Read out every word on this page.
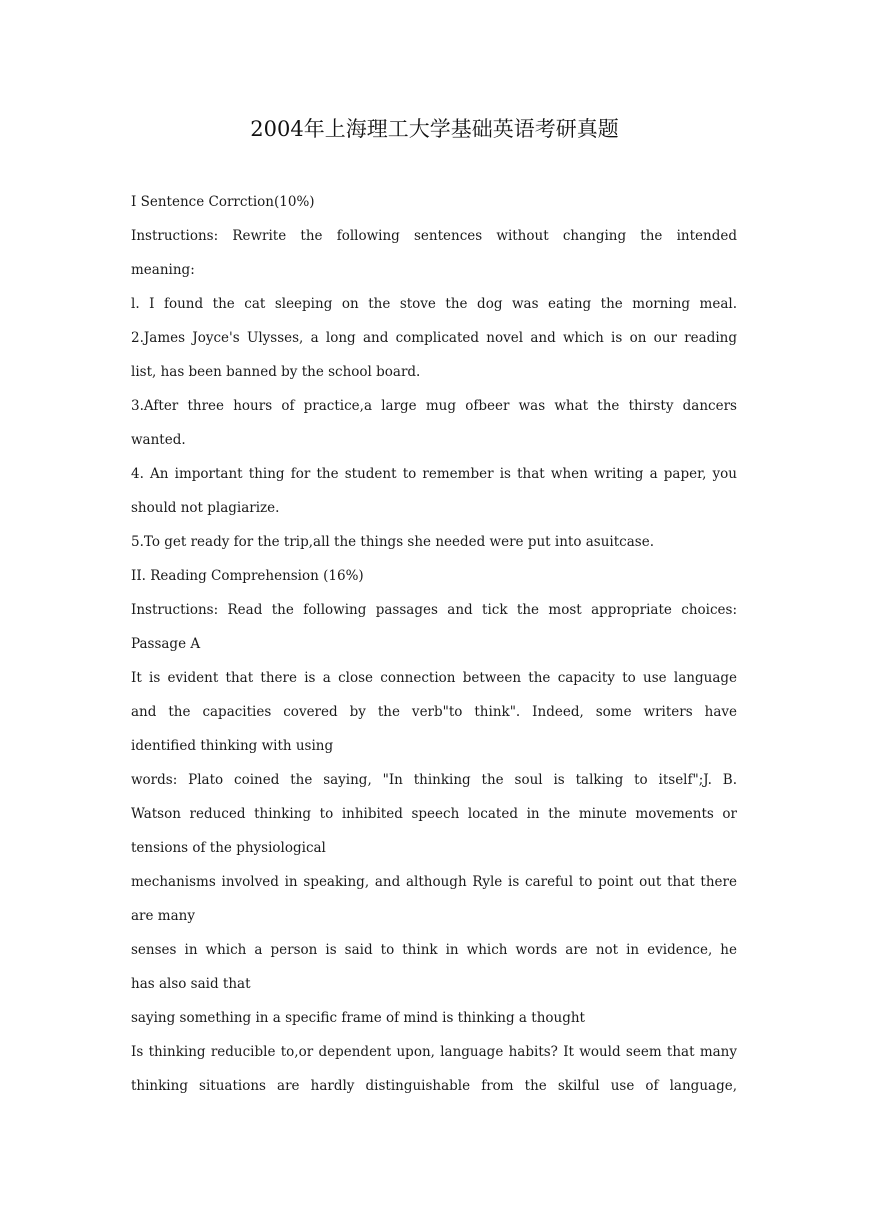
2004年上海理工大学基础英语考研真题
I Sentence Corrction(10%)
Instructions: Rewrite the following sentences without changing the intended
meaning:
l. I found the cat sleeping on the stove the dog was eating the morning meal.
2.James Joyce's Ulysses, a long and complicated novel and which is on our reading
list, has been banned by the school board.
3.After three hours of practice,a large mug ofbeer was what the thirsty dancers
wanted.
4. An important thing for the student to remember is that when writing a paper, you
should not plagiarize.
5.To get ready for the trip,all the things she needed were put into asuitcase.
II. Reading Comprehension (16%)
Instructions: Read the following passages and tick the most appropriate choices:
Passage A
It is evident that there is a close connection between the capacity to use language
and the capacities covered by the verb"to think". Indeed, some writers have
identified thinking with using
words: Plato coined the saying, "In thinking the soul is talking to itself";J. B.
Watson reduced thinking to inhibited speech located in the minute movements or
tensions of the physiological
mechanisms involved in speaking, and although Ryle is careful to point out that there
are many
senses in which a person is said to think in which words are not in evidence, he
has also said that
saying something in a specific frame of mind is thinking a thought
Is thinking reducible to,or dependent upon, language habits? It would seem that many
thinking situations are hardly distinguishable from the skilful use of language,
